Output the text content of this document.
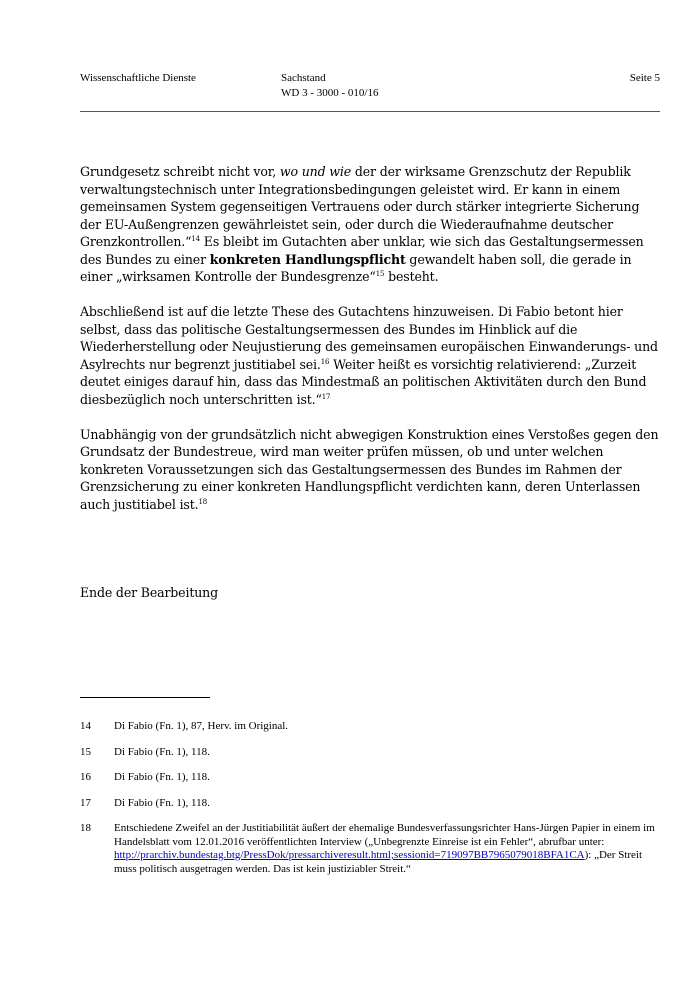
Wissenschaftliche Dienste	Sachstand
WD 3 - 3000 - 010/16
Seite 5

Grundgesetz schreibt nicht vor, wo und wie der der wirksame Grenzschutz der Republik verwaltungstechnisch unter Integrationsbedingungen geleistet wird. Er kann in einem gemeinsamen System gegenseitigen Vertrauens oder durch stärker integrierte Sicherung der EU-Außengrenzen gewährleistet sein, oder durch die Wiederaufnahme deutscher Grenzkontrollen.“$^{14}$ Es bleibt im Gutachten aber unklar, wie sich das Gestaltungsermessen des Bundes zu einer konkreten Handlungspflicht gewandelt haben soll, die gerade in einer „wirksamen Kontrolle der Bundesgrenze“$^{15}$ besteht.

Abschließend ist auf die letzte These des Gutachtens hinzuweisen. Di Fabio betont hier selbst, dass das politische Gestaltungsermessen des Bundes im Hinblick auf die Wiederherstellung oder Neujustierung des gemeinsamen europäischen Einwanderungs- und Asylrechts nur begrenzt justitiabel sei.$^{16}$ Weiter heißt es vorsichtig relativierend: „Zurzeit deutet einiges darauf hin, dass das Mindestmaß an politischen Aktivitäten durch den Bund diesbezüglich noch unterschritten ist.“$^{17}$

Unabhängig von der grundsätzlich nicht abwegigen Konstruktion eines Verstoßes gegen den Grundsatz der Bundestreue, wird man weiter prüfen müssen, ob und unter welchen konkreten Voraussetzungen sich das Gestaltungsermessen des Bundes im Rahmen der Grenzsicherung zu einer konkreten Handlungspflicht verdichten kann, deren Unterlassen auch justitiabel ist.$^{18}$

Ende der Bearbeitung

14 Di Fabio (Fn. 1), 87, Herv. im Original.
15 Di Fabio (Fn. 1), 118.
16 Di Fabio (Fn. 1), 118.
17 Di Fabio (Fn. 1), 118.
18 Entschiedene Zweifel an der Justitiabilität äußert der ehemalige Bundesverfassungsrichter Hans-Jürgen Papier in einem im Handelsblatt vom 12.01.2016 veröffentlichten Interview („Unbegrenzte Einreise ist ein Fehler“, abrufbar unter: http://prarchiv.bundestag.btg/PressDok/pressarchiveresult.html;sessionid=719097BB7965079018BFA1CA): „Der Streit muss politisch ausgetragen werden. Das ist kein justiziabler Streit.“
